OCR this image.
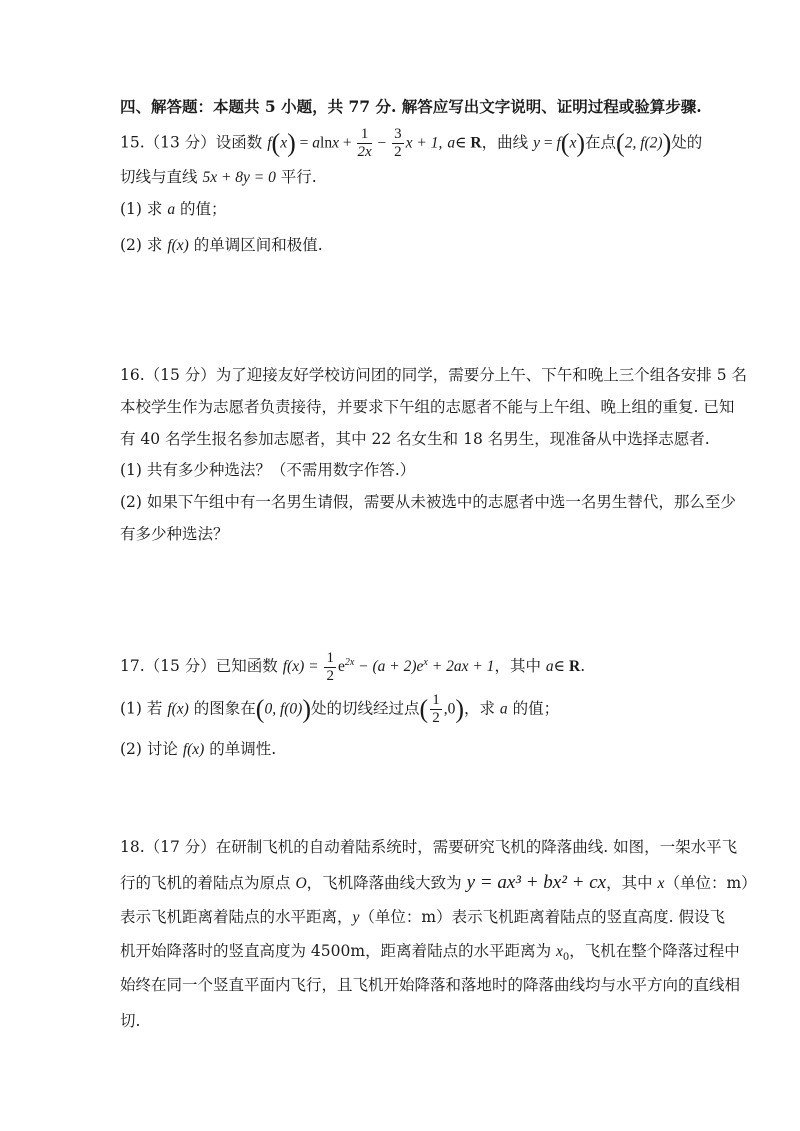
四、解答题：本题共 5 小题，共 77 分. 解答应写出文字说明、证明过程或验算步骤.
15.（13 分）设函数 $f(x) = alnx + \frac{1}{2x} - \frac{3}{2}$ x + 1, a∈ R，曲线 y = f(x)在点(2, f(2))处的
切线与直线 5x + 8y = 0 平行.
(1) 求 a 的值；
(2) 求 f(x) 的单调区间和极值.
16.（15 分）为了迎接友好学校访问团的同学，需要分上午、下午和晚上三个组各安排 5 名
本校学生作为志愿者负责接待，并要求下午组的志愿者不能与上午组、晚上组的重复. 已知
有 40 名学生报名参加志愿者，其中 22 名女生和 18 名男生，现准备从中选择志愿者.
(1) 共有多少种选法？（不需用数字作答.）
(2) 如果下午组中有一名男生请假，需要从未被选中的志愿者中选一名男生替代，那么至少
有多少种选法？
17.（15 分）已知函数 $f(x) = \frac{1}{2} e^{2x} - (a + 2)e^x + 2ax + 1$，其中 a∈ R.
(1) 若 f(x) 的图象在(0, f(0))处的切线经过点( $\frac{1}{2} ,0$)，求 a 的值；
(2) 讨论 f(x) 的单调性.
18.（17 分）在研制飞机的自动着陆系统时，需要研究飞机的降落曲线. 如图，一架水平飞
行的飞机的着陆点为原点 O，飞机降落曲线大致为 y = ax³ + bx² + cx，其中 x（单位：m）
表示飞机距离着陆点的水平距离，y（单位：m）表示飞机距离着陆点的竖直高度. 假设飞
机开始降落时的竖直高度为 4500m，距离着陆点的水平距离为 $x_0$，飞机在整个降落过程中
始终在同一个竖直平面内飞行，且飞机开始降落和落地时的降落曲线均与水平方向的直线相
切.
